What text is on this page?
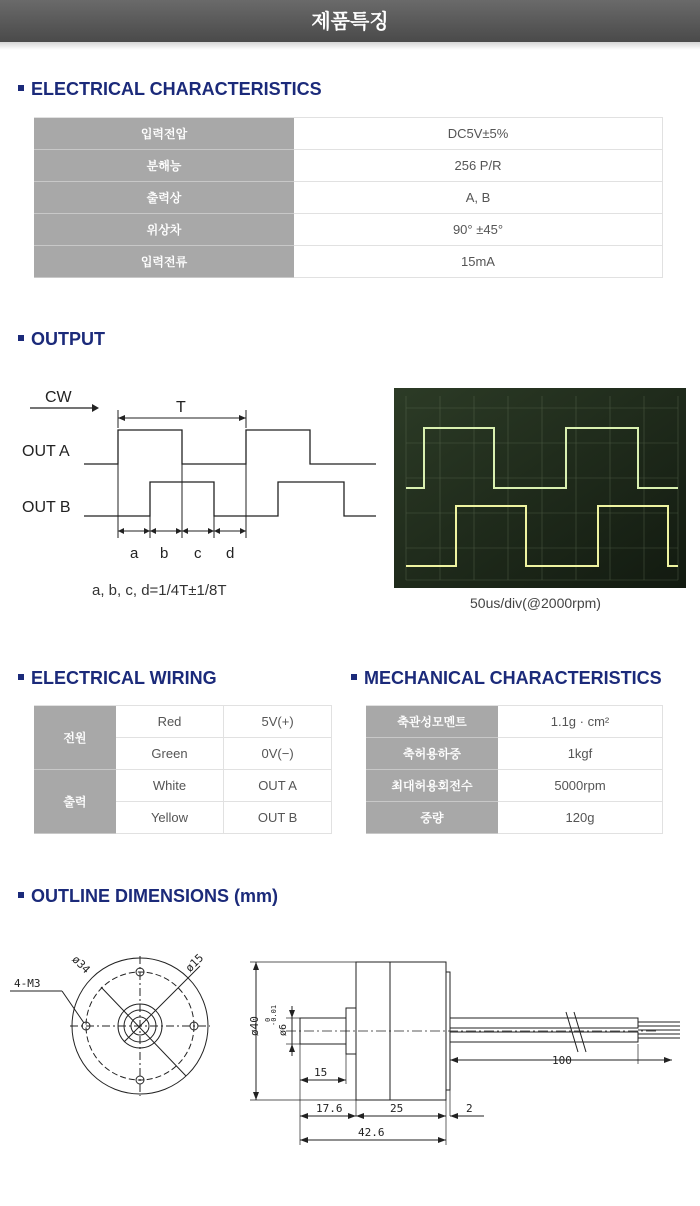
제품특징
ELECTRICAL CHARACTERISTICS
입력전압	DC5V±5%
분해능	256 P/R
출력상	A, B
위상차	90° ±45°
입력전류	15mA
OUTPUT
CW
T
OUT A
OUT B
a b c d
a, b, c, d=1/4T±1/8T
50us/div(@2000rpm)
ELECTRICAL WIRING
전원	Red	5V(+)
	Green	0V(−)
출력	White	OUT A
	Yellow	OUT B
MECHANICAL CHARACTERISTICS
축관성모멘트	1.1g · cm²
축허용하중	1kgf
최대허용회전수	5000rpm
중량	120g
OUTLINE DIMENSIONS (mm)
4-M3
ø34	ø15
ø40 ø6
0
-0.01
15
100
17.6	25	2
42.6
